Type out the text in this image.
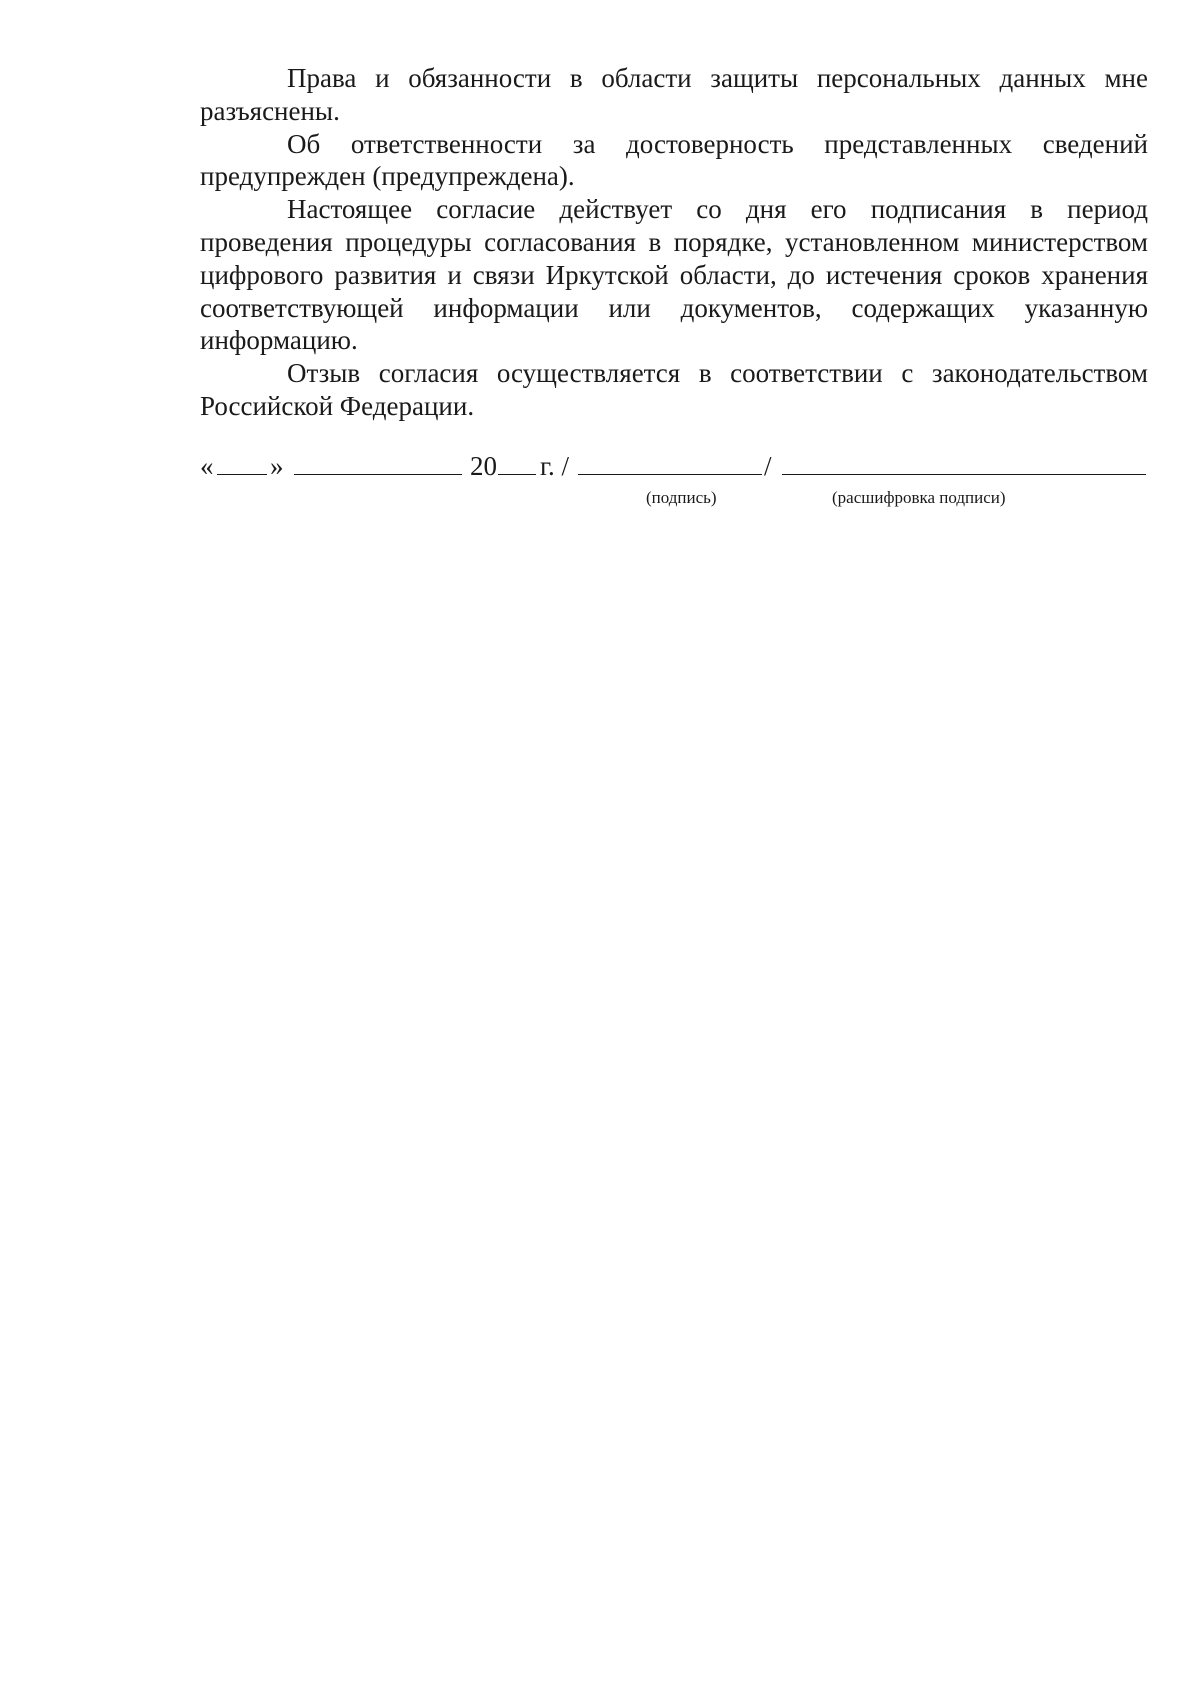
Права и обязанности в области защиты персональных данных мне разъяснены.

Об ответственности за достоверность представленных сведений предупрежден (предупреждена).

Настоящее согласие действует со дня его подписания в период проведения процедуры согласования в порядке, установленном министерством цифрового развития и связи Иркутской области, до истечения сроков хранения соответствующей информации или документов, содержащих указанную информацию.

Отзыв согласия осуществляется в соответствии с законодательством Российской Федерации.

« »	20 г. /	/
(подпись)	(расшифровка подписи)
